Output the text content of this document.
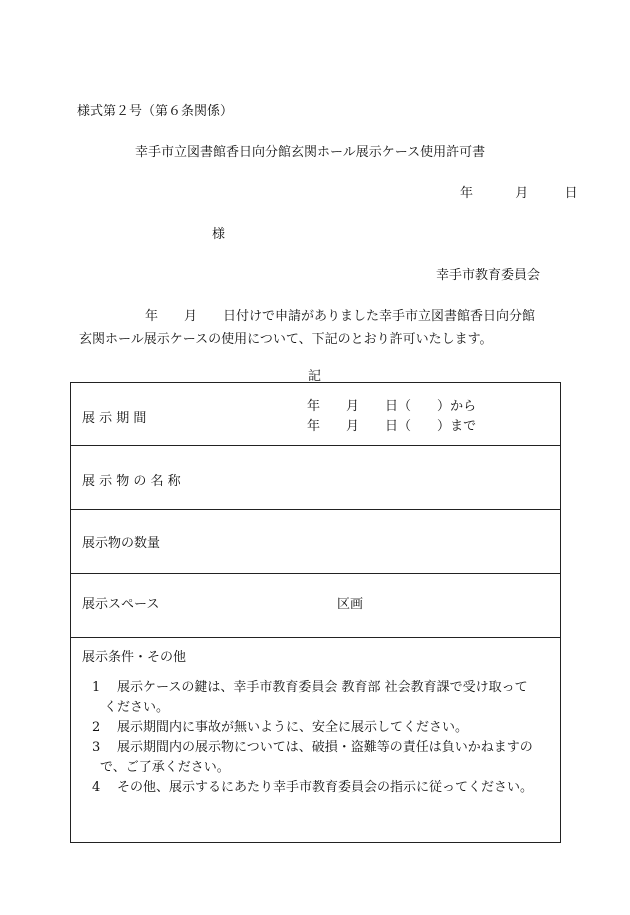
様式第２号（第６条関係）
幸手市立図書館香日向分館玄関ホール展示ケース使用許可書
年	月	日
様
幸手市教育委員会
年　　月　　日付けで申請がありました幸手市立図書館香日向分館
玄関ホール展示ケースの使用について、下記のとおり許可いたします。
記
展 示 期 間
年 月 日（　　）から
年 月 日（　　）まで

展 示 物 の 名 称

展示物の数量

展示スペース	区画

展示条件・その他
1	展示ケースの鍵は、幸手市教育委員会 教育部 社会教育課で受け取って
ください。
2	展示期間内に事故が無いように、安全に展示してください。
3	展示期間内の展示物については、破損・盗難等の責任は負いかねますの
で、ご了承ください。
4	その他、展示するにあたり幸手市教育委員会の指示に従ってください。
